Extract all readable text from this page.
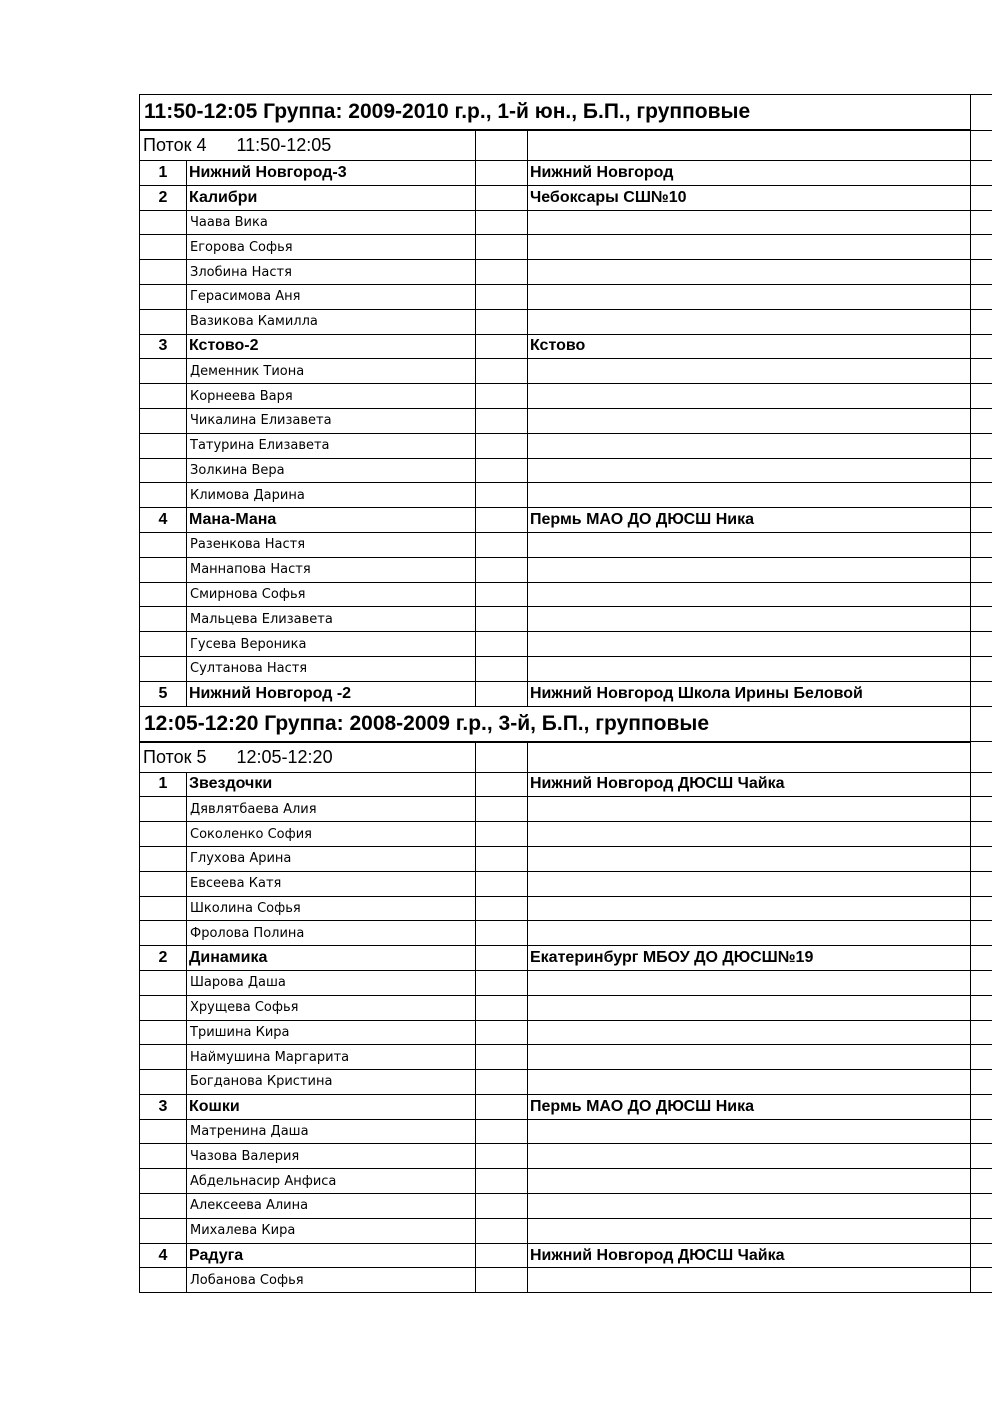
11:50-12:05 Группа: 2009-2010 г.р., 1-й юн., Б.П., групповые				
Поток 4 11:50-12:05				
1	Нижний Новгород-3		Нижний Новгород	
2	Калибри		Чебоксары СШ№10	
	Чаава Вика			
	Егорова Софья			
	Злобина Настя			
	Герасимова Аня			
	Вазикова Камилла			
3	Кстово-2		Кстово	
	Деменник Тиона			
	Корнеева Варя			
	Чикалина Елизавета			
	Татурина Елизавета			
	Золкина Вера			
	Климова Дарина			
4	Мана-Мана		Пермь МАО ДО ДЮСШ Ника	
	Разенкова Настя			
	Маннапова Настя			
	Смирнова Софья			
	Мальцева Елизавета			
	Гусева Вероника			
	Султанова Настя			
5	Нижний Новгород -2		Нижний Новгород Школа Ирины Беловой	
12:05-12:20 Группа: 2008-2009 г.р., 3-й, Б.П., групповые				
Поток 5 12:05-12:20				
1	Звездочки		Нижний Новгород ДЮСШ Чайка	
	Дявлятбаева Алия			
	Соколенко София			
	Глухова Арина			
	Евсеева Катя			
	Школина Софья			
	Фролова Полина			
2	Динамика		Екатеринбург МБОУ ДО ДЮСШ№19	
	Шарова Даша			
	Хрущева Софья			
	Тришина Кира			
	Наймушина Маргарита			
	Богданова Кристина			
3	Кошки		Пермь МАО ДО ДЮСШ Ника	
	Матренина Даша			
	Чазова Валерия			
	Абдельнасир Анфиса			
	Алексеева Алина			
	Михалева Кира			
4	Радуга		Нижний Новгород ДЮСШ Чайка	
	Лобанова Софья			
